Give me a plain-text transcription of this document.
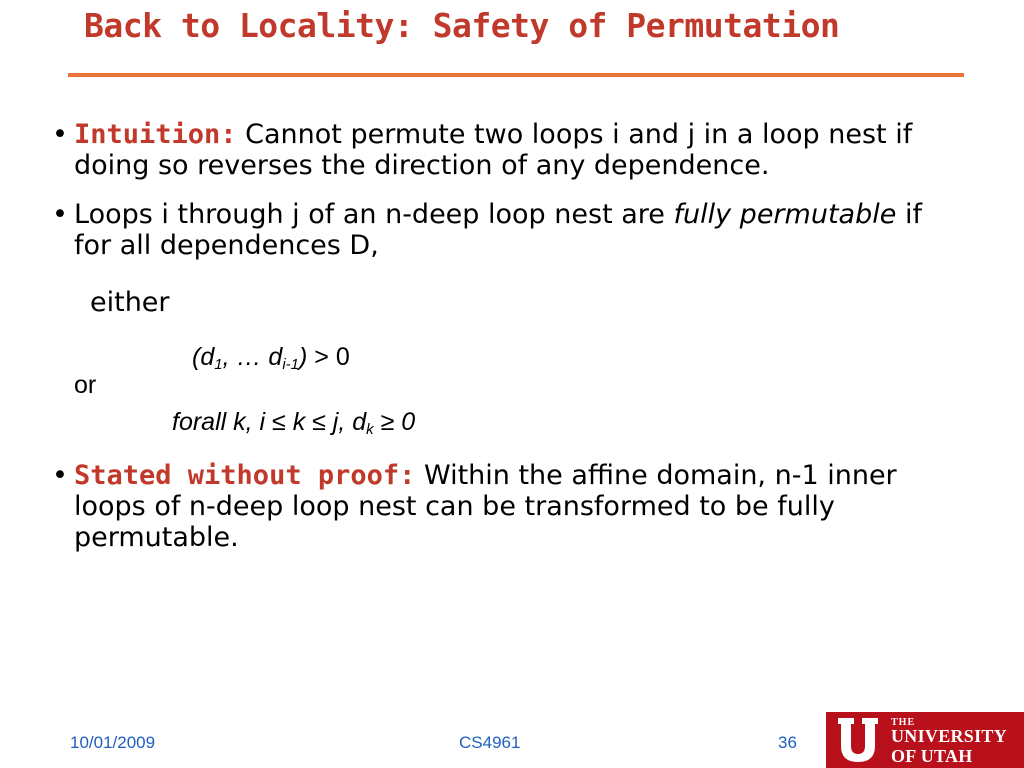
Back to Locality: Safety of Permutation
• Intuition: Cannot permute two loops i and j in a loop nest if doing so reverses the direction of any dependence.
• Loops i through j of an n-deep loop nest are fully permutable if for all dependences D,
either
($d_1$, … $d_{i-1}) > 0$
or
forall k, i ≤ k ≤ j, $d_k \ge 0$
• Stated without proof: Within the affine domain, n-1 inner loops of n-deep loop nest can be transformed to be fully permutable.
10/01/2009	CS4961	36
THE
UNIVERSITY
OF UTAH
